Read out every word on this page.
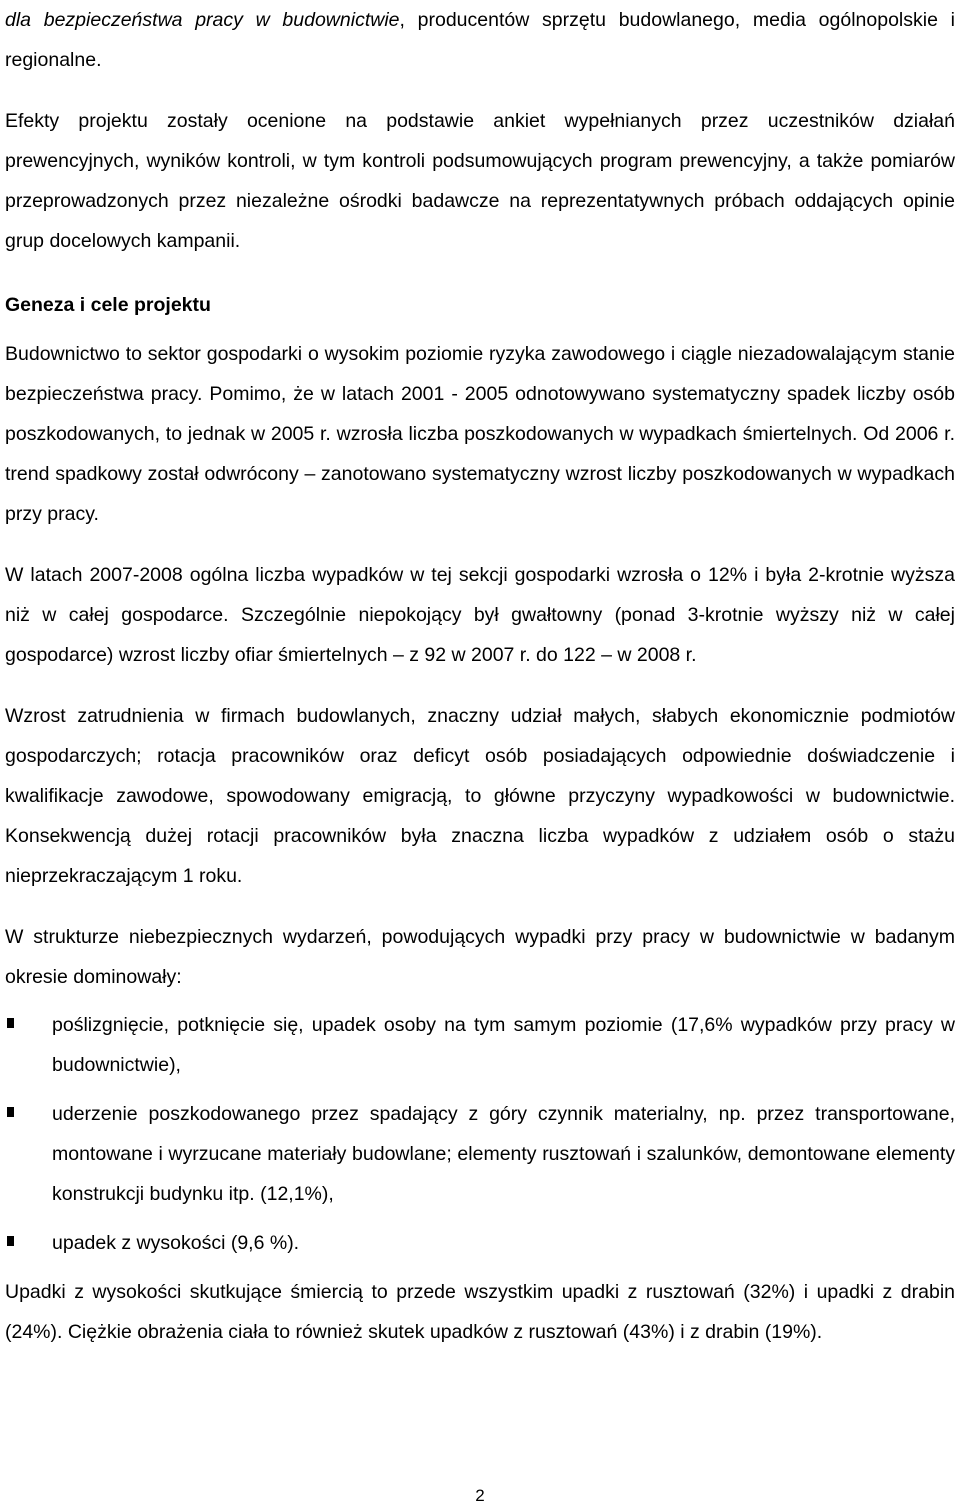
dla bezpieczeństwa pracy w budownictwie, producentów sprzętu budowlanego, media ogólnopolskie i regionalne.

Efekty projektu zostały ocenione na podstawie ankiet wypełnianych przez uczestników działań prewencyjnych, wyników kontroli, w tym kontroli podsumowujących program prewencyjny, a także pomiarów przeprowadzonych przez niezależne ośrodki badawcze na reprezentatywnych próbach oddających opinie grup docelowych kampanii.

Geneza i cele projektu

Budownictwo to sektor gospodarki o wysokim poziomie ryzyka zawodowego i ciągle niezadowalającym stanie bezpieczeństwa pracy. Pomimo, że w latach 2001 - 2005 odnotowywano systematyczny spadek liczby osób poszkodowanych, to jednak w 2005 r. wzrosła liczba poszkodowanych w wypadkach śmiertelnych. Od 2006 r. trend spadkowy został odwrócony – zanotowano systematyczny wzrost liczby poszkodowanych w wypadkach przy pracy.

W latach 2007-2008 ogólna liczba wypadków w tej sekcji gospodarki wzrosła o 12% i była 2-krotnie wyższa niż w całej gospodarce. Szczególnie niepokojący był gwałtowny (ponad 3-krotnie wyższy niż w całej gospodarce) wzrost liczby ofiar śmiertelnych – z 92 w 2007 r. do 122 – w 2008 r.

Wzrost zatrudnienia w firmach budowlanych, znaczny udział małych, słabych ekonomicznie podmiotów gospodarczych; rotacja pracowników oraz deficyt osób posiadających odpowiednie doświadczenie i kwalifikacje zawodowe, spowodowany emigracją, to główne przyczyny wypadkowości w budownictwie. Konsekwencją dużej rotacji pracowników była znaczna liczba wypadków z udziałem osób o stażu nieprzekraczającym 1 roku.

W strukturze niebezpiecznych wydarzeń, powodujących wypadki przy pracy w budownictwie w badanym okresie dominowały:

poślizgnięcie, potknięcie się, upadek osoby na tym samym poziomie (17,6% wypadków przy pracy w budownictwie),
uderzenie poszkodowanego przez spadający z góry czynnik materialny, np. przez transportowane, montowane i wyrzucane materiały budowlane; elementy rusztowań i szalunków, demontowane elementy konstrukcji budynku itp. (12,1%),
upadek z wysokości (9,6 %).

Upadki z wysokości skutkujące śmiercią to przede wszystkim upadki z rusztowań (32%) i upadki z drabin (24%). Ciężkie obrażenia ciała to również skutek upadków z rusztowań (43%) i z drabin (19%).

2
